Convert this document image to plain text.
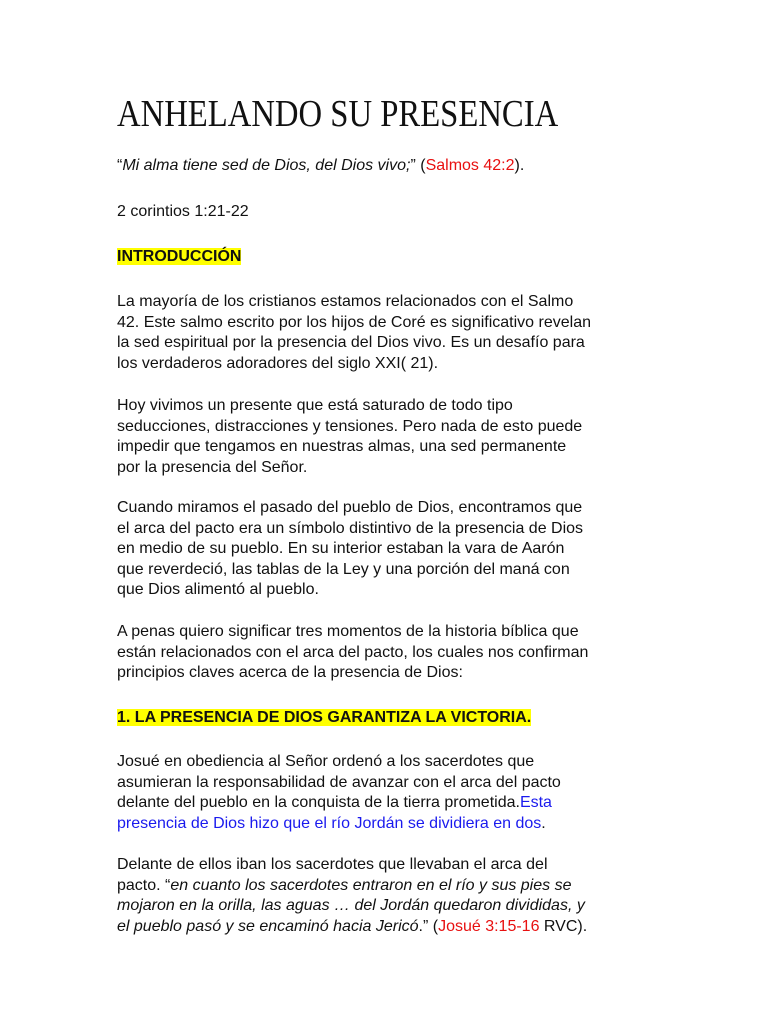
ANHELANDO SU PRESENCIA

“Mi alma tiene sed de Dios, del Dios vivo;” (Salmos 42:2).

2 corintios 1:21-22

INTRODUCCIÓN

La mayoría de los cristianos estamos relacionados con el Salmo
42. Este salmo escrito por los hijos de Coré es significativo revelan
la sed espiritual por la presencia del Dios vivo. Es un desafío para
los verdaderos adoradores del siglo XXI( 21).

Hoy vivimos un presente que está saturado de todo tipo
seducciones, distracciones y tensiones. Pero nada de esto puede
impedir que tengamos en nuestras almas, una sed permanente
por la presencia del Señor.

Cuando miramos el pasado del pueblo de Dios, encontramos que
el arca del pacto era un símbolo distintivo de la presencia de Dios
en medio de su pueblo. En su interior estaban la vara de Aarón
que reverdeció, las tablas de la Ley y una porción del maná con
que Dios alimentó al pueblo.

A penas quiero significar tres momentos de la historia bíblica que
están relacionados con el arca del pacto, los cuales nos confirman
principios claves acerca de la presencia de Dios:

1. LA PRESENCIA DE DIOS GARANTIZA LA VICTORIA.

Josué en obediencia al Señor ordenó a los sacerdotes que
asumieran la responsabilidad de avanzar con el arca del pacto
delante del pueblo en la conquista de la tierra prometida.Esta
presencia de Dios hizo que el río Jordán se dividiera en dos.

Delante de ellos iban los sacerdotes que llevaban el arca del
pacto. “en cuanto los sacerdotes entraron en el río y sus pies se
mojaron en la orilla, las aguas … del Jordán quedaron divididas, y
el pueblo pasó y se encaminó hacia Jericó.” (Josué 3:15-16 RVC).
